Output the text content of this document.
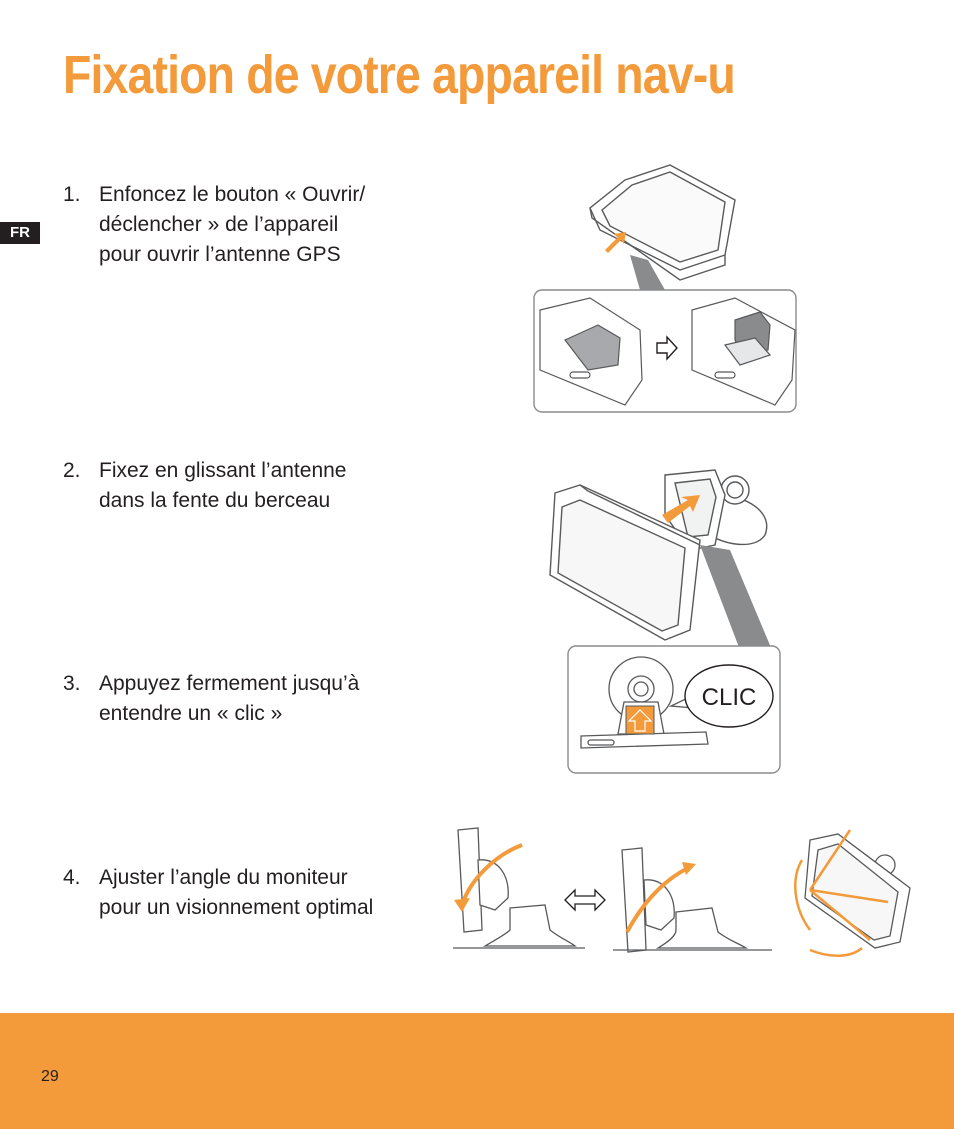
Fixation de votre appareil nav-u
FR
1. Enfoncez le bouton « Ouvrir/
déclencher » de l’appareil
pour ouvrir l’antenne GPS
2. Fixez en glissant l’antenne
dans la fente du berceau
3. Appuyez fermement jusqu’à
entendre un « clic »
CLIC
4. Ajuster l’angle du moniteur
pour un visionnement optimal
29
